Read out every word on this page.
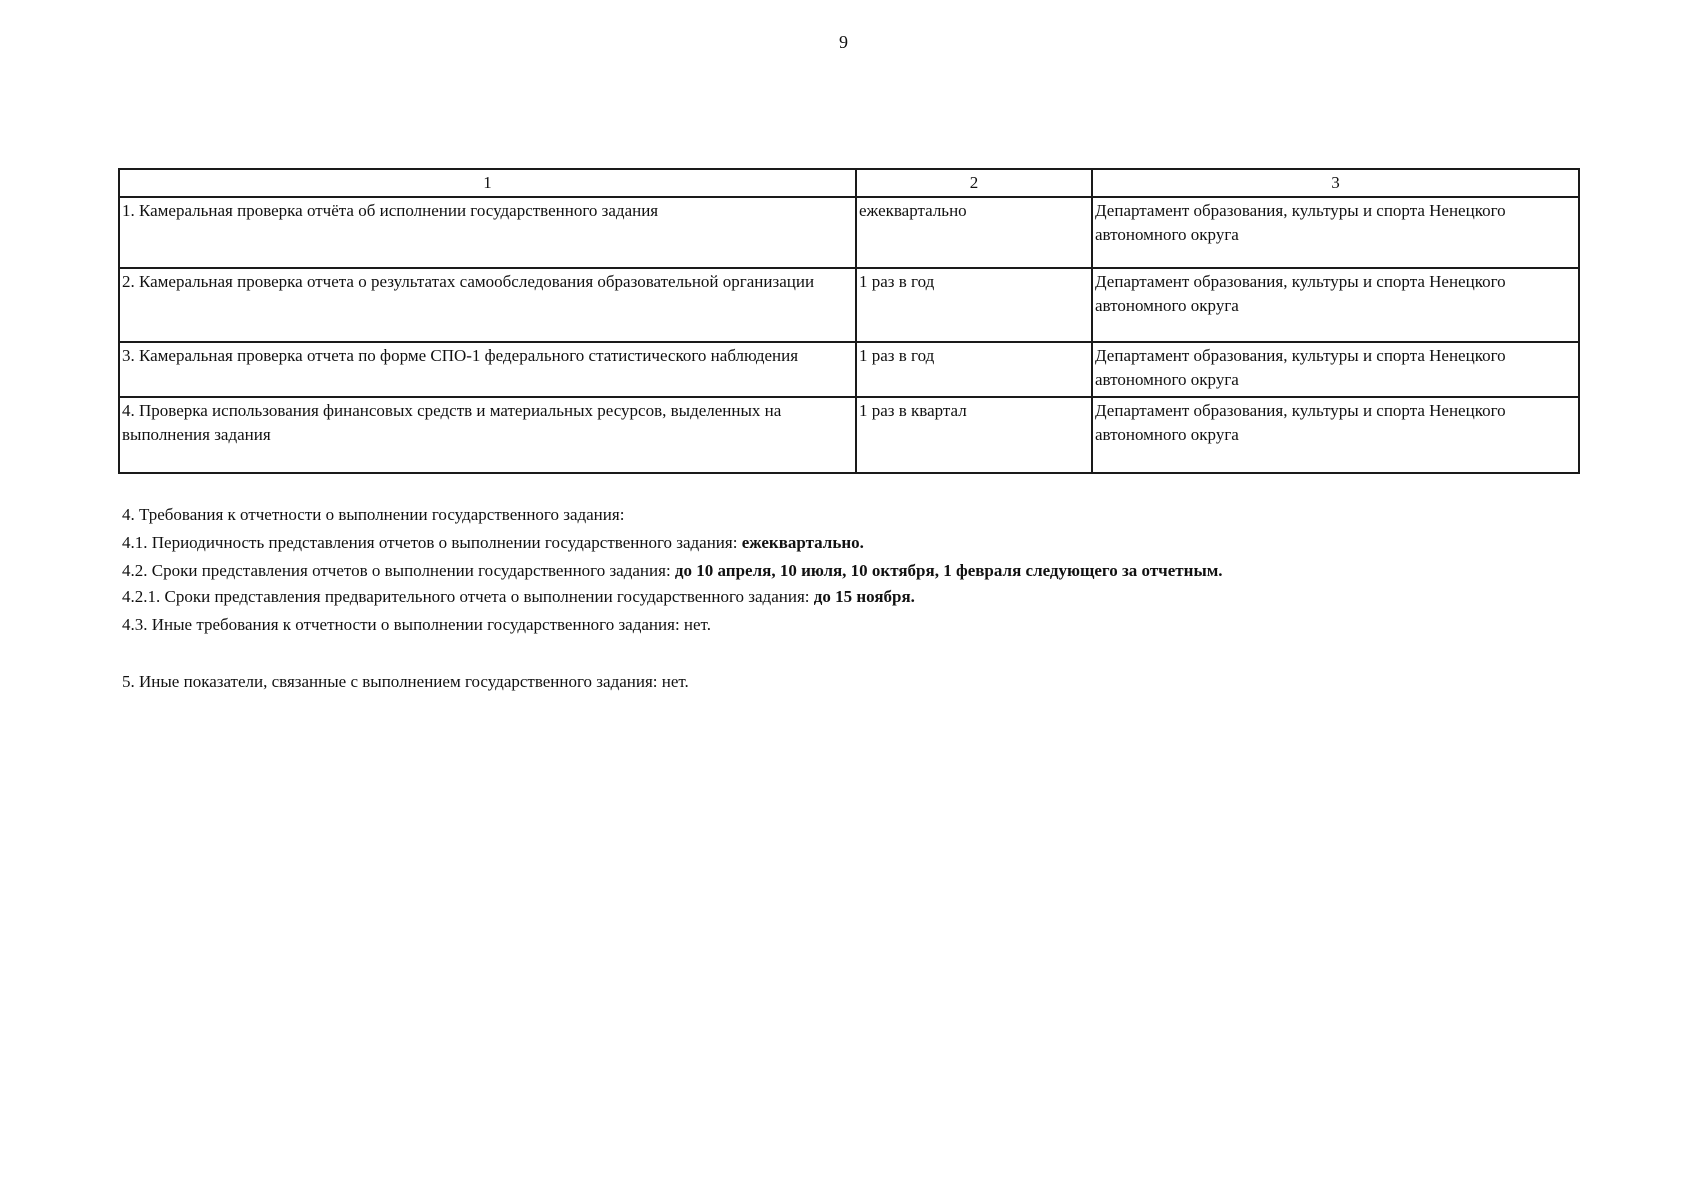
9
1	2	3
1. Камеральная проверка отчёта об исполнении государственного задания	ежеквартально	Департамент образования, культуры и спорта Ненецкого автономного округа
2. Камеральная проверка отчета о результатах самообследования образовательной организации	1 раз в год	Департамент образования, культуры и спорта Ненецкого автономного округа
3. Камеральная проверка отчета по форме СПО-1 федерального статистического наблюдения	1 раз в год	Департамент образования, культуры и спорта Ненецкого автономного округа
4. Проверка использования финансовых средств и материальных ресурсов, выделенных на выполнения задания	1 раз в квартал	Департамент образования, культуры и спорта Ненецкого автономного округа
4. Требования к отчетности о выполнении государственного задания:
4.1. Периодичность представления отчетов о выполнении государственного задания: ежеквартально.
4.2. Сроки представления отчетов о выполнении государственного задания: до 10 апреля, 10 июля, 10 октября, 1 февраля следующего за отчетным.
4.2.1. Сроки представления предварительного отчета о выполнении государственного задания: до 15 ноября.
4.3. Иные требования к отчетности о выполнении государственного задания: нет.
5. Иные показатели, связанные с выполнением государственного задания: нет.
